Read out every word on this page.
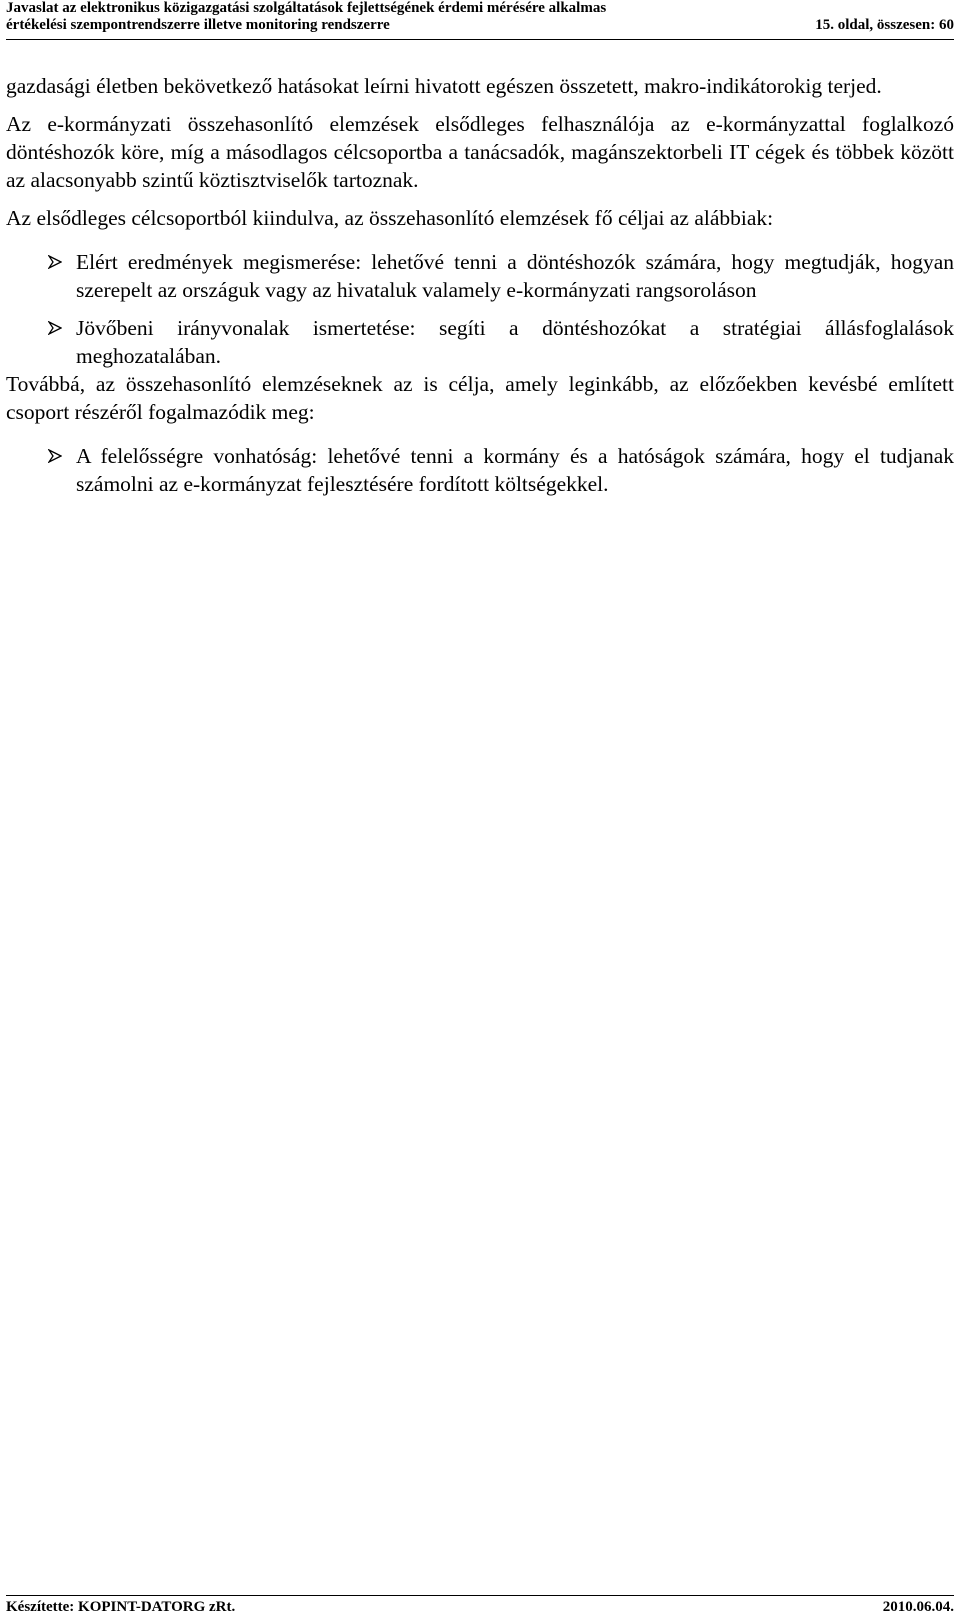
Javaslat az elektronikus közigazgatási szolgáltatások fejlettségének érdemi mérésére alkalmas
értékelési szempontrendszerre illetve monitoring rendszerre	15. oldal, összesen: 60

gazdasági életben bekövetkező hatásokat leírni hivatott egészen összetett, makro-indikátorokig terjed.

Az e-kormányzati összehasonlító elemzések elsődleges felhasználója az e-kormányzattal foglalkozó döntéshozók köre, míg a másodlagos célcsoportba a tanácsadók, magánszektorbeli IT cégek és többek között az alacsonyabb szintű köztisztviselők tartoznak.

Az elsődleges célcsoportból kiindulva, az összehasonlító elemzések fő céljai az alábbiak:

Elért eredmények megismerése: lehetővé tenni a döntéshozók számára, hogy megtudják, hogyan szerepelt az országuk vagy az hivataluk valamely e-kormányzati rangsoroláson
Jövőbeni irányvonalak ismertetése: segíti a döntéshozókat a stratégiai állásfoglalások meghozatalában.

Továbbá, az összehasonlító elemzéseknek az is célja, amely leginkább, az előzőekben kevésbé említett csoport részéről fogalmazódik meg:

A felelősségre vonhatóság: lehetővé tenni a kormány és a hatóságok számára, hogy el tudjanak számolni az e-kormányzat fejlesztésére fordított költségekkel.
Készítette: KOPINT-DATORG zRt.	2010.06.04.
